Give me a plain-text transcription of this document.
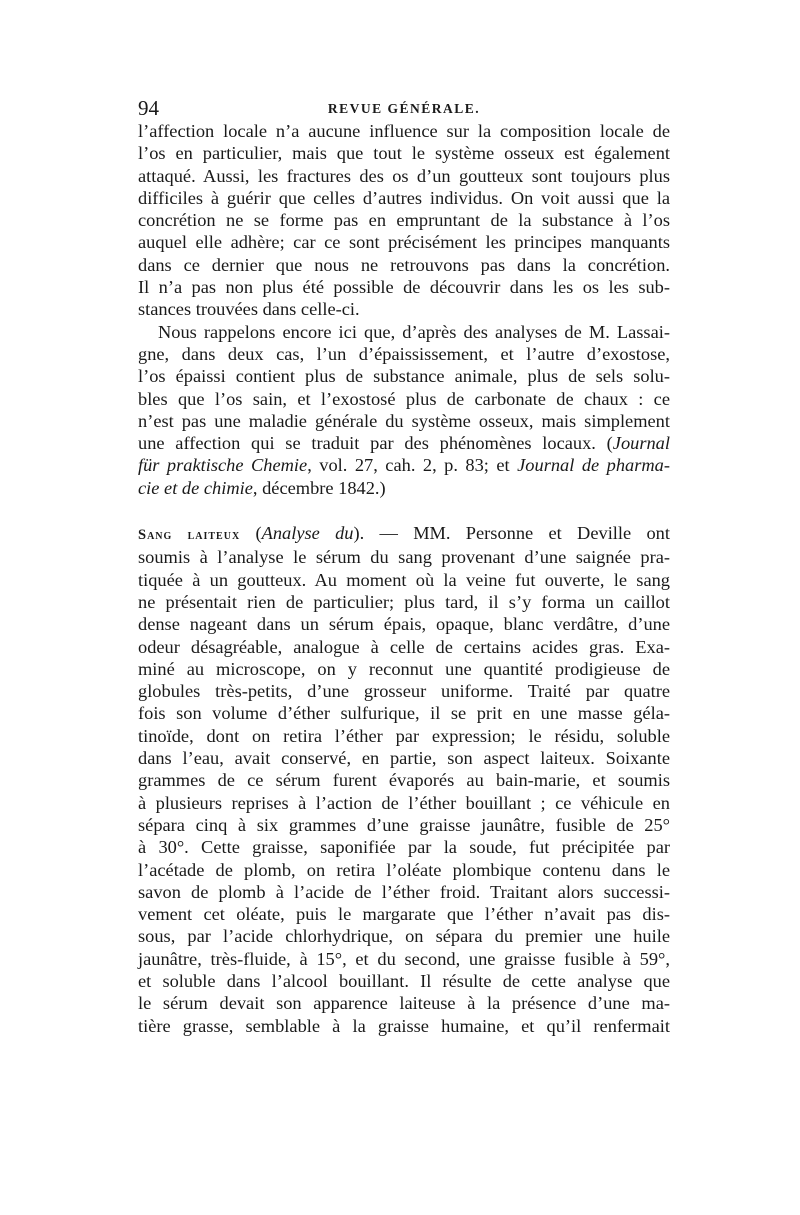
94	REVUE GÉNÉRALE.
l’affection locale n’a aucune influence sur la composition locale de
l’os en particulier, mais que tout le système osseux est également
attaqué. Aussi, les fractures des os d’un goutteux sont toujours plus
difficiles à guérir que celles d’autres individus. On voit aussi que la
concrétion ne se forme pas en empruntant de la substance à l’os
auquel elle adhère; car ce sont précisément les principes manquants
dans ce dernier que nous ne retrouvons pas dans la concrétion.
Il n’a pas non plus été possible de découvrir dans les os les sub-
stances trouvées dans celle-ci.
Nous rappelons encore ici que, d’après des analyses de M. Lassai-
gne, dans deux cas, l’un d’épaississement, et l’autre d’exostose,
l’os épaissi contient plus de substance animale, plus de sels solu-
bles que l’os sain, et l’exostosé plus de carbonate de chaux : ce
n’est pas une maladie générale du système osseux, mais simplement
une affection qui se traduit par des phénomènes locaux. (Journal
für praktische Chemie, vol. 27, cah. 2, p. 83; et Journal de pharma-
cie et de chimie, décembre 1842.)
Sang laiteux (Analyse du). — MM. Personne et Deville ont
soumis à l’analyse le sérum du sang provenant d’une saignée pra-
tiquée à un goutteux. Au moment où la veine fut ouverte, le sang
ne présentait rien de particulier; plus tard, il s’y forma un caillot
dense nageant dans un sérum épais, opaque, blanc verdâtre, d’une
odeur désagréable, analogue à celle de certains acides gras. Exa-
miné au microscope, on y reconnut une quantité prodigieuse de
globules très-petits, d’une grosseur uniforme. Traité par quatre
fois son volume d’éther sulfurique, il se prit en une masse géla-
tinoïde, dont on retira l’éther par expression; le résidu, soluble
dans l’eau, avait conservé, en partie, son aspect laiteux. Soixante
grammes de ce sérum furent évaporés au bain-marie, et soumis
à plusieurs reprises à l’action de l’éther bouillant ; ce véhicule en
sépara cinq à six grammes d’une graisse jaunâtre, fusible de 25°
à 30°. Cette graisse, saponifiée par la soude, fut précipitée par
l’acétade de plomb, on retira l’oléate plombique contenu dans le
savon de plomb à l’acide de l’éther froid. Traitant alors successi-
vement cet oléate, puis le margarate que l’éther n’avait pas dis-
sous, par l’acide chlorhydrique, on sépara du premier une huile
jaunâtre, très-fluide, à 15°, et du second, une graisse fusible à 59°,
et soluble dans l’alcool bouillant. Il résulte de cette analyse que
le sérum devait son apparence laiteuse à la présence d’une ma-
tière grasse, semblable à la graisse humaine, et qu’il renfermait
